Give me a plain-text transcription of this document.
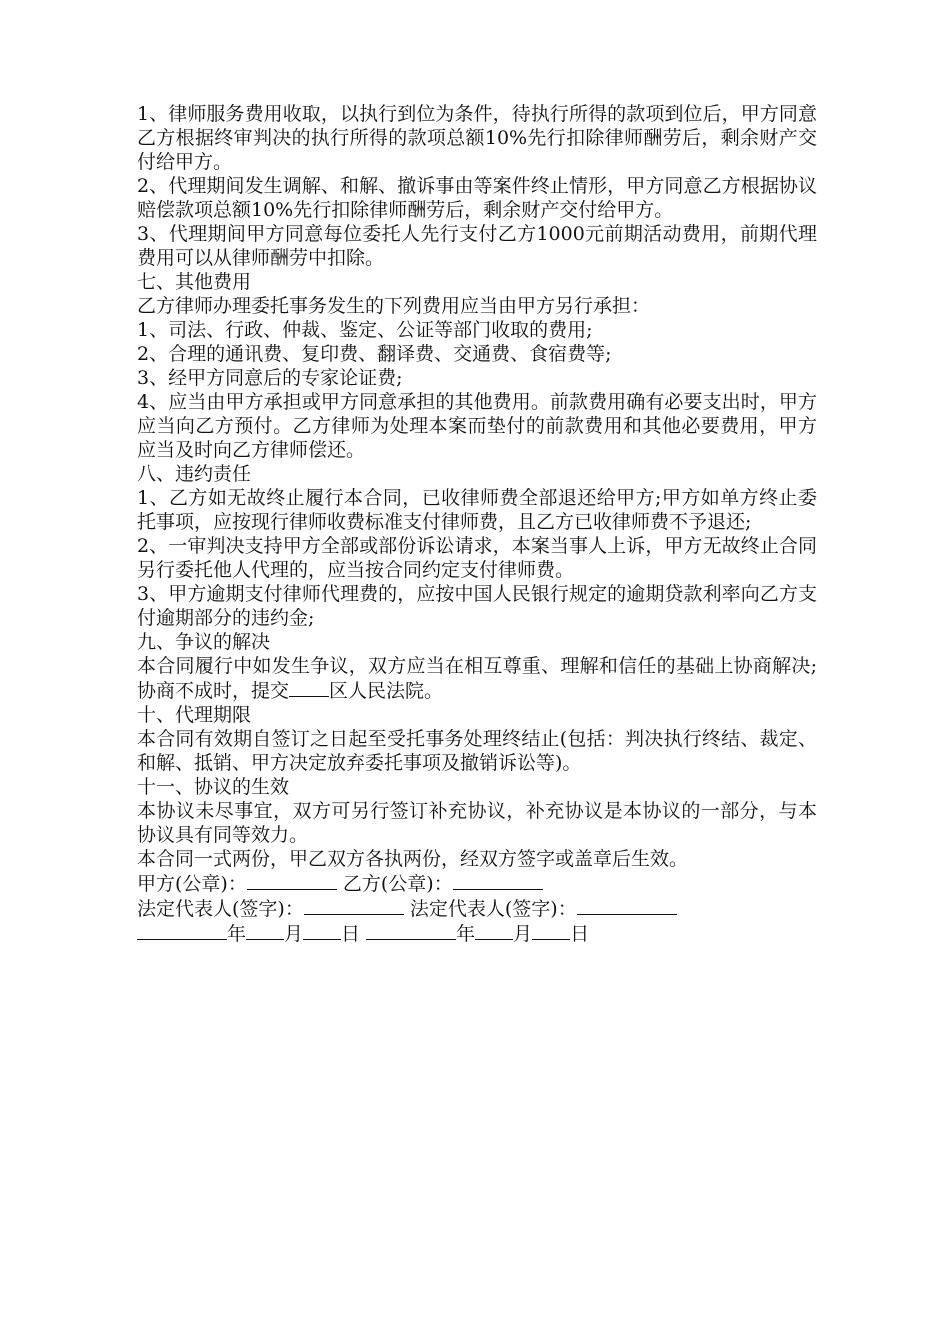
1、律师服务费用收取，以执行到位为条件，待执行所得的款项到位后，甲方同意乙方根据终审判决的执行所得的款项总额10%先行扣除律师酬劳后，剩余财产交付给甲方。

2、代理期间发生调解、和解、撤诉事由等案件终止情形，甲方同意乙方根据协议赔偿款项总额10%先行扣除律师酬劳后，剩余财产交付给甲方。

3、代理期间甲方同意每位委托人先行支付乙方1000元前期活动费用，前期代理费用可以从律师酬劳中扣除。

七、其他费用

乙方律师办理委托事务发生的下列费用应当由甲方另行承担：

1、司法、行政、仲裁、鉴定、公证等部门收取的费用;

2、合理的通讯费、复印费、翻译费、交通费、食宿费等;

3、经甲方同意后的专家论证费;

4、应当由甲方承担或甲方同意承担的其他费用。前款费用确有必要支出时，甲方应当向乙方预付。乙方律师为处理本案而垫付的前款费用和其他必要费用，甲方应当及时向乙方律师偿还。

八、违约责任

1、乙方如无故终止履行本合同，已收律师费全部退还给甲方;甲方如单方终止委托事项，应按现行律师收费标准支付律师费，且乙方已收律师费不予退还;

2、一审判决支持甲方全部或部份诉讼请求，本案当事人上诉，甲方无故终止合同另行委托他人代理的，应当按合同约定支付律师费。

3、甲方逾期支付律师代理费的，应按中国人民银行规定的逾期贷款利率向乙方支付逾期部分的违约金;

九、争议的解决

本合同履行中如发生争议，双方应当在相互尊重、理解和信任的基础上协商解决;协商不成时，提交 区人民法院。

十、代理期限

本合同有效期自签订之日起至受托事务处理终结止(包括：判决执行终结、裁定、和解、抵销、甲方决定放弃委托事项及撤销诉讼等)。

十一、协议的生效

本协议未尽事宜，双方可另行签订补充协议，补充协议是本协议的一部分，与本协议具有同等效力。

本合同一式两份，甲乙双方各执两份，经双方签字或盖章后生效。

甲方(公章)：	乙方(公章)：
法定代表人(签字)：	法定代表人(签字)：
年 月 日	年 月 日
